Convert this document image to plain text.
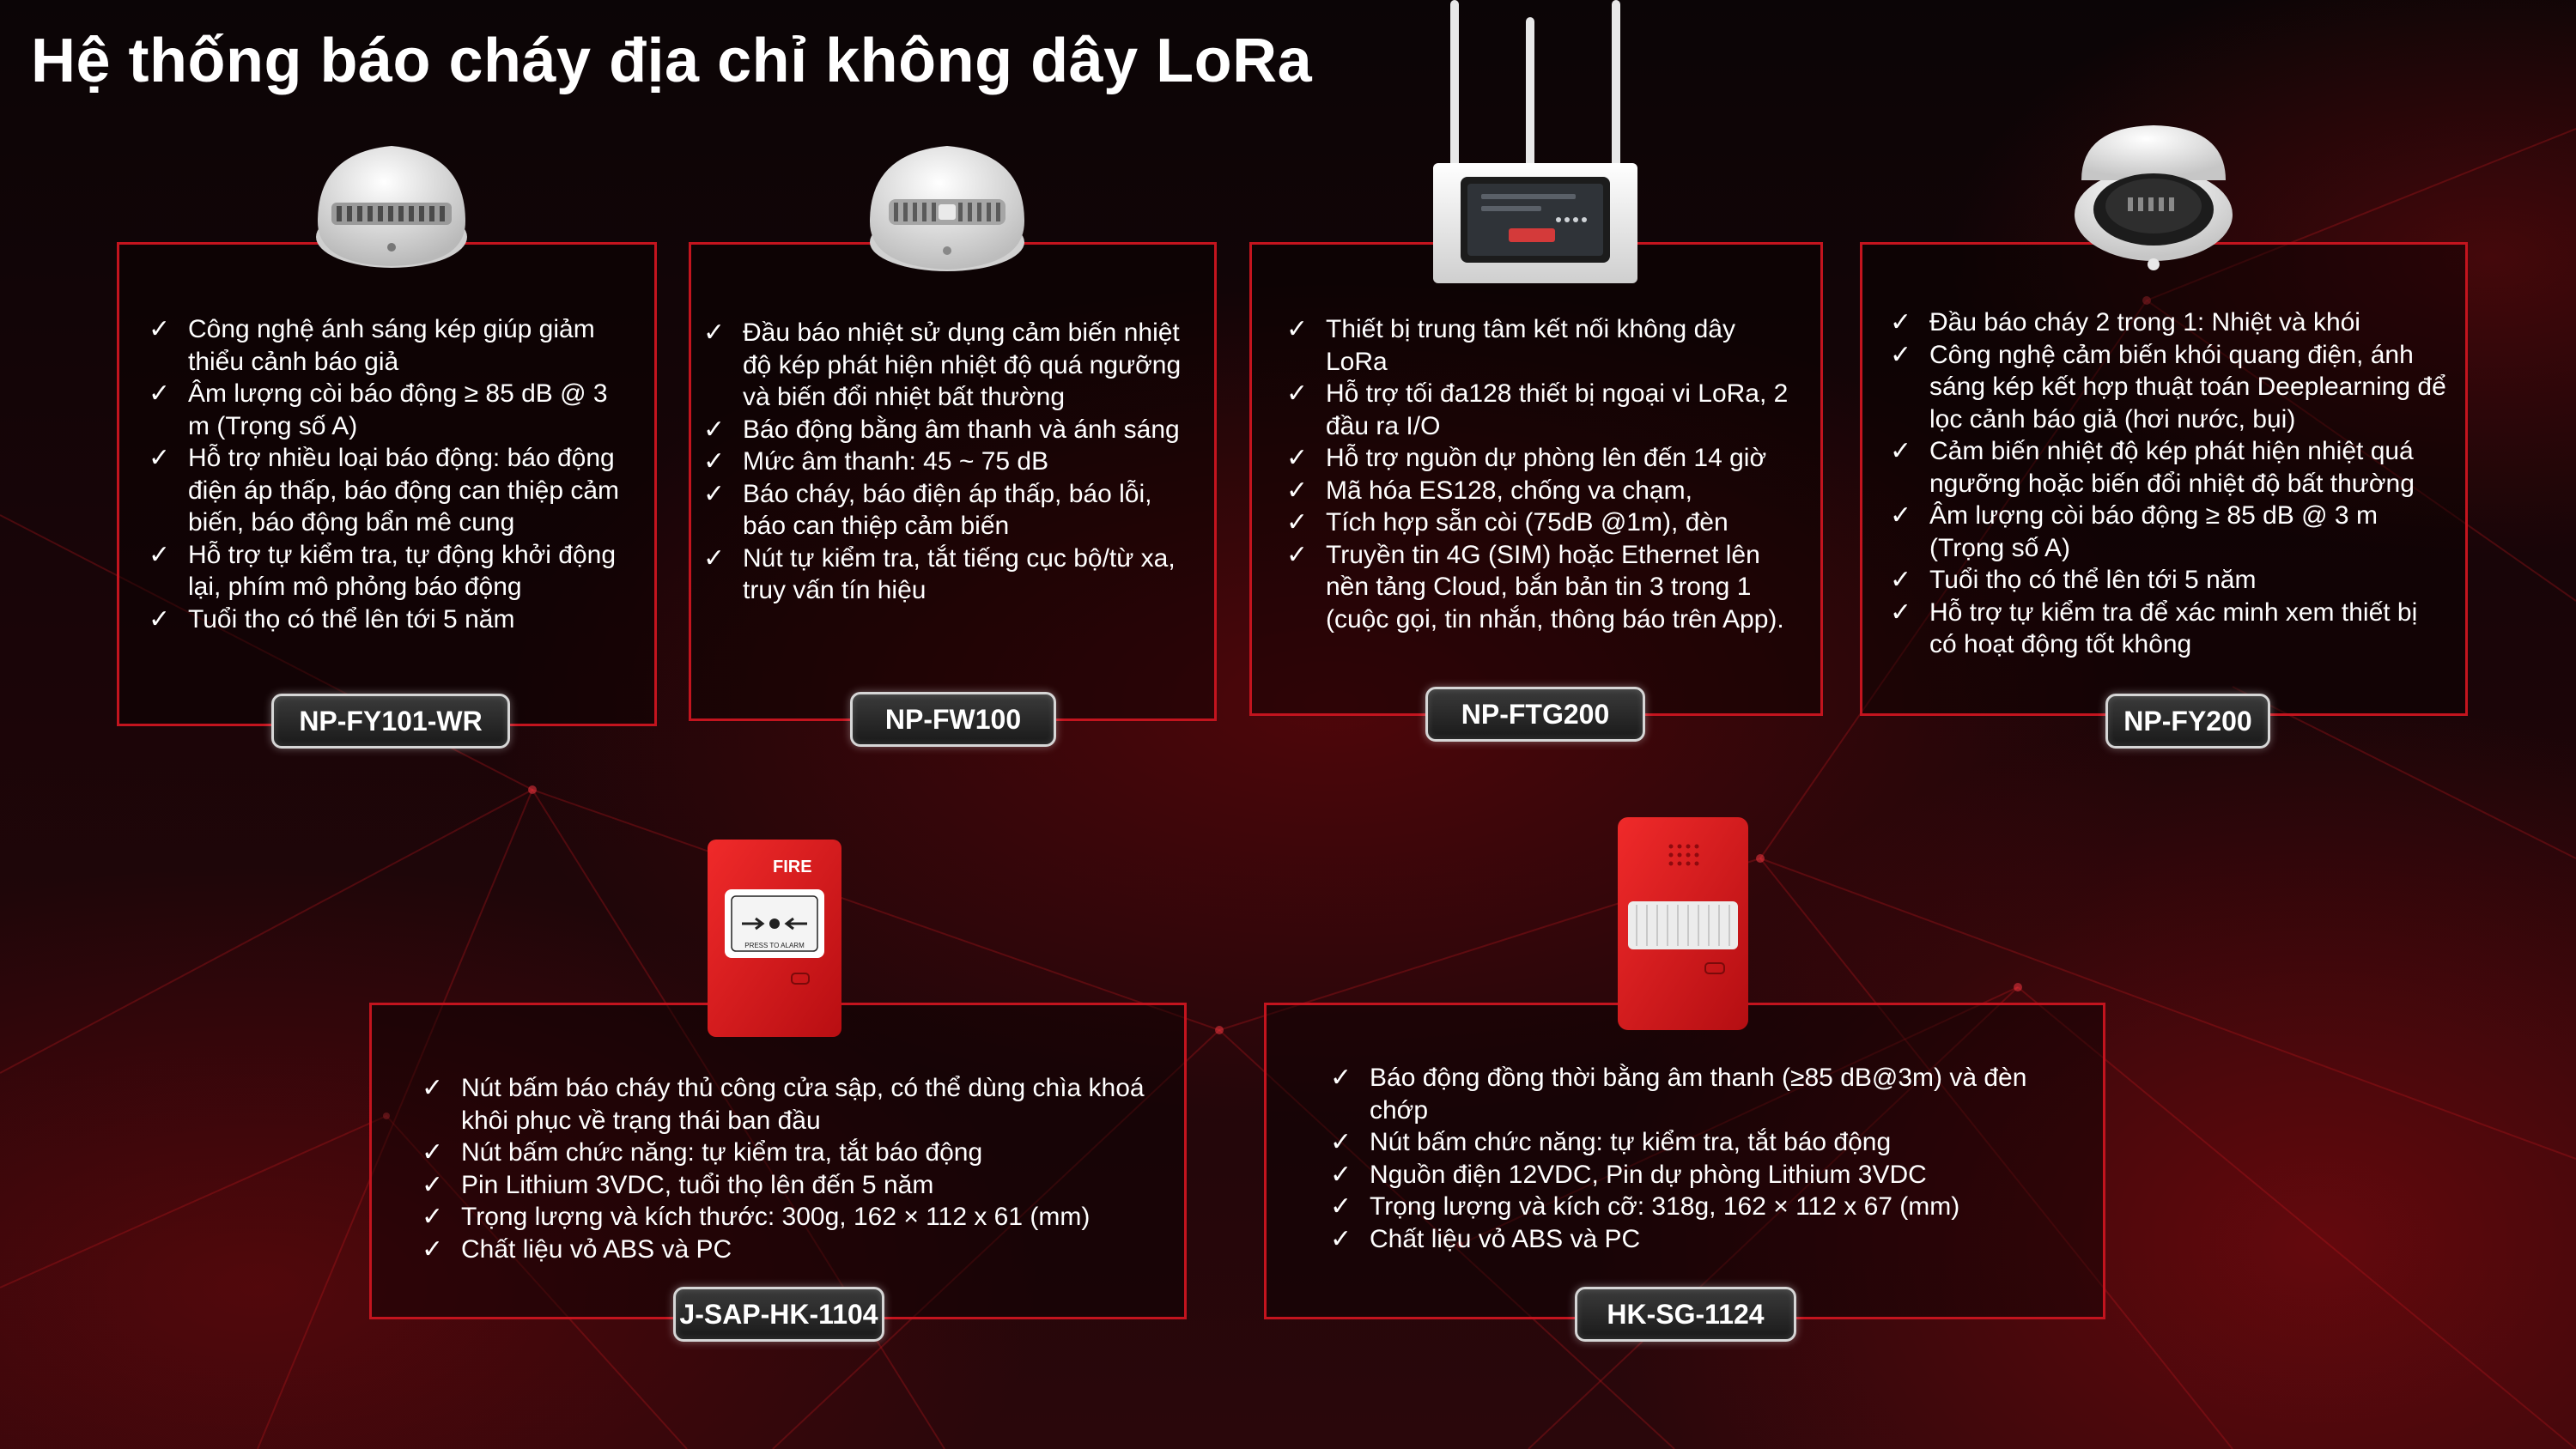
Hệ thống báo cháy địa chỉ không dây LoRa
✓ Công nghệ ánh sáng kép giúp giảm thiểu cảnh báo giả
✓ Âm lượng còi báo động ≥ 85 dB @ 3 m (Trọng số A)
✓ Hỗ trợ nhiều loại báo động: báo động điện áp thấp, báo động can thiệp cảm biến, báo động bẩn mê cung
✓ Hỗ trợ tự kiểm tra, tự động khởi động lại, phím mô phỏng báo động
✓ Tuổi thọ có thể lên tới 5 năm
NP-FY101-WR
✓ Đầu báo nhiệt sử dụng cảm biến nhiệt độ kép phát hiện nhiệt độ quá ngưỡng và biến đổi nhiệt bất thường
✓ Báo động bằng âm thanh và ánh sáng
✓ Mức âm thanh: 45 ~ 75 dB
✓ Báo cháy, báo điện áp thấp, báo lỗi, báo can thiệp cảm biến
✓ Nút tự kiểm tra, tắt tiếng cục bộ/từ xa, truy vấn tín hiệu
NP-FW100
✓ Thiết bị trung tâm kết nối không dây LoRa
✓ Hỗ trợ tối đa128 thiết bị ngoại vi LoRa, 2 đầu ra I/O
✓ Hỗ trợ nguồn dự phòng lên đến 14 giờ
✓ Mã hóa ES128, chống va chạm,
✓ Tích hợp sẵn còi (75dB @1m), đèn
✓ Truyền tin 4G (SIM) hoặc Ethernet lên nền tảng Cloud, bắn bản tin 3 trong 1 (cuộc gọi, tin nhắn, thông báo trên App).
NP-FTG200
✓ Đầu báo cháy 2 trong 1: Nhiệt và khói
✓ Công nghệ cảm biến khói quang điện, ánh sáng kép kết hợp thuật toán Deeplearning để lọc cảnh báo giả (hơi nước, bụi)
✓ Cảm biến nhiệt độ kép phát hiện nhiệt quá ngưỡng hoặc biến đổi nhiệt độ bất thường
✓ Âm lượng còi báo động ≥ 85 dB @ 3 m (Trọng số A)
✓ Tuổi thọ có thể lên tới 5 năm
✓ Hỗ trợ tự kiểm tra để xác minh xem thiết bị có hoạt động tốt không
NP-FY200
✓ Nút bấm báo cháy thủ công cửa sập, có thể dùng chìa khoá khôi phục về trạng thái ban đầu
✓ Nút bấm chức năng: tự kiểm tra, tắt báo động
✓ Pin Lithium 3VDC, tuổi thọ lên đến 5 năm
✓ Trọng lượng và kích thước: 300g, 162 × 112 x 61 (mm)
✓ Chất liệu vỏ ABS và PC
J-SAP-HK-1104
FIRE
PRESS TO ALARM
✓ Báo động đồng thời bằng âm thanh (≥85 dB@3m) và đèn chớp
✓ Nút bấm chức năng: tự kiểm tra, tắt báo động
✓ Nguồn điện 12VDC, Pin dự phòng Lithium 3VDC
✓ Trọng lượng và kích cỡ: 318g, 162 × 112 x 67 (mm)
✓ Chất liệu vỏ ABS và PC
HK-SG-1124
